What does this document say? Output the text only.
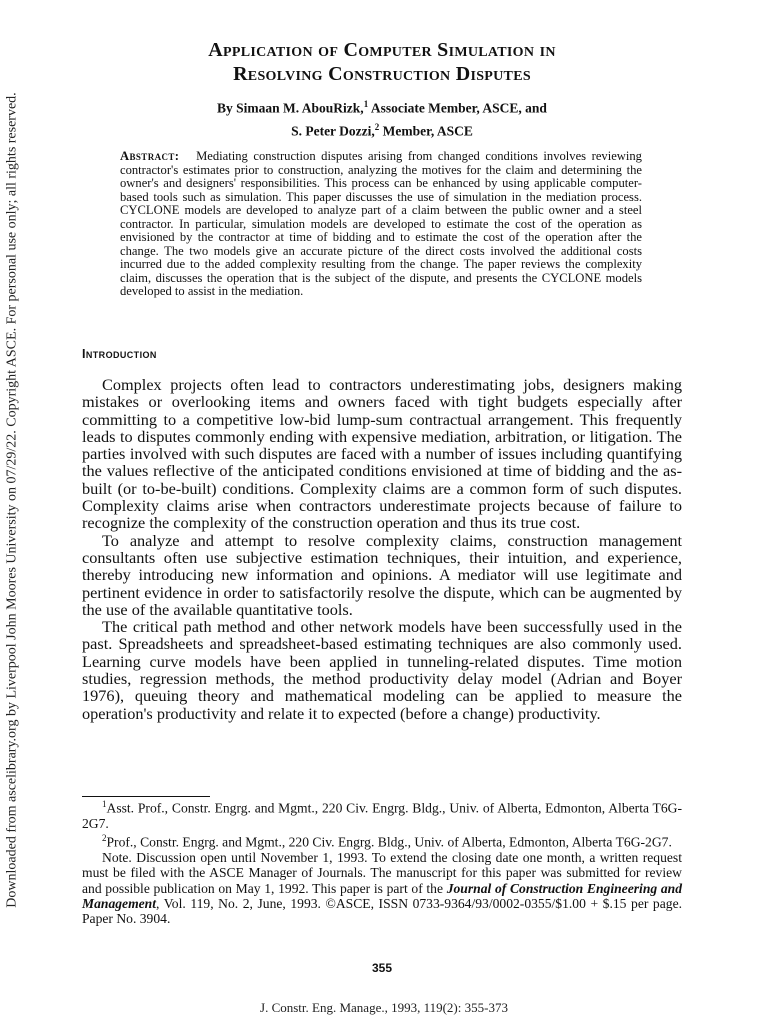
Downloaded from ascelibrary.org by Liverpool John Moores University on 07/29/22. Copyright ASCE. For personal use only; all rights reserved.
Application of Computer Simulation in
Resolving Construction Disputes
By Simaan M. AbouRizk,$^1$ Associate Member, ASCE, and
S. Peter Dozzi,$^2$ Member, ASCE
Abstract: Mediating construction disputes arising from changed conditions involves reviewing contractor's estimates prior to construction, analyzing the motives for the claim and determining the owner's and designers' responsibilities. This process can be enhanced by using applicable computer-based tools such as simulation. This paper discusses the use of simulation in the mediation process. CYCLONE models are developed to analyze part of a claim between the public owner and a steel contractor. In particular, simulation models are developed to estimate the cost of the operation as envisioned by the contractor at time of bidding and to estimate the cost of the operation after the change. The two models give an accurate picture of the direct costs involved the additional costs incurred due to the added complexity resulting from the change. The paper reviews the complexity claim, discusses the operation that is the subject of the dispute, and presents the CYCLONE models developed to assist in the mediation.
Introduction

Complex projects often lead to contractors underestimating jobs, designers making mistakes or overlooking items and owners faced with tight budgets especially after committing to a competitive low-bid lump-sum contractual arrangement. This frequently leads to disputes commonly ending with expensive mediation, arbitration, or litigation. The parties involved with such disputes are faced with a number of issues including quantifying the values reflective of the anticipated conditions envisioned at time of bidding and the as-built (or to-be-built) conditions. Complexity claims are a common form of such disputes. Complexity claims arise when contractors underestimate projects because of failure to recognize the complexity of the construction operation and thus its true cost.

To analyze and attempt to resolve complexity claims, construction management consultants often use subjective estimation techniques, their intuition, and experience, thereby introducing new information and opinions. A mediator will use legitimate and pertinent evidence in order to satisfactorily resolve the dispute, which can be augmented by the use of the available quantitative tools.

The critical path method and other network models have been successfully used in the past. Spreadsheets and spreadsheet-based estimating techniques are also commonly used. Learning curve models have been applied in tunneling-related disputes. Time motion studies, regression methods, the method productivity delay model (Adrian and Boyer 1976), queuing theory and mathematical modeling can be applied to measure the operation's productivity and relate it to expected (before a change) productivity.

$^1$Asst. Prof., Constr. Engrg. and Mgmt., 220 Civ. Engrg. Bldg., Univ. of Alberta, Edmonton, Alberta T6G-2G7.

$^2$Prof., Constr. Engrg. and Mgmt., 220 Civ. Engrg. Bldg., Univ. of Alberta, Edmonton, Alberta T6G-2G7.

Note. Discussion open until November 1, 1993. To extend the closing date one month, a written request must be filed with the ASCE Manager of Journals. The manuscript for this paper was submitted for review and possible publication on May 1, 1992. This paper is part of the Journal of Construction Engineering and Management, Vol. 119, No. 2, June, 1993. ©ASCE, ISSN 0733-9364/93/0002-0355/$1.00 + $.15 per page. Paper No. 3904.

355
J. Constr. Eng. Manage., 1993, 119(2): 355-373
